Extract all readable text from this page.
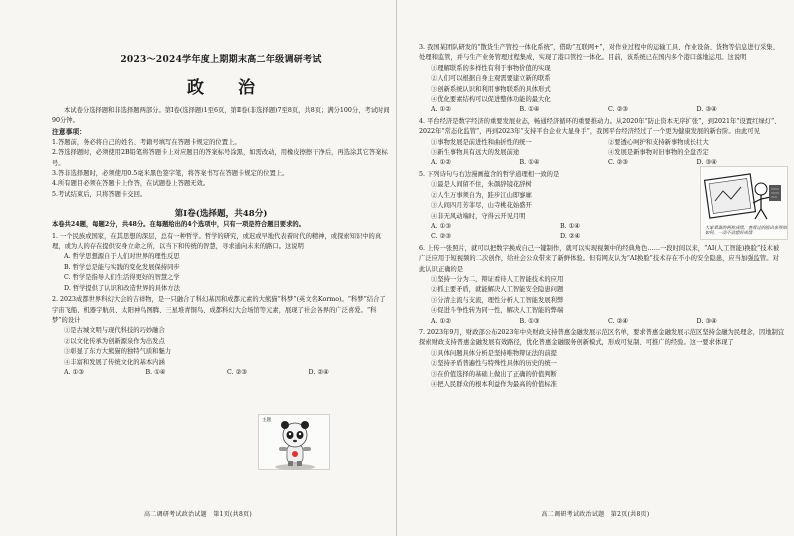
2023～2024学年度上期期末高二年级调研考试
政 治
本试卷分选择题和非选择题两部分。第Ⅰ卷(选择题)1至6页，第Ⅱ卷(非选择题)7至8页，共8页；满分100分，考试时间90分钟。
注意事项：
1.答题前，务必将自己的姓名、考籍号填写在答题卡规定的位置上。
2.答选择题时，必须使用2B铅笔将答题卡上对应题目的答案标号涂黑，如需改动，用橡皮擦擦干净后，再选涂其它答案标号。
3.答非选择题时，必须使用0.5毫米黑色签字笔，将答案书写在答题卡规定的位置上。
4.所有题目必须在答题卡上作答，在试题卷上答题无效。
5.考试结束后，只将答题卡交回。
第Ⅰ卷(选择题，共48分)
本卷共24题，每题2分，共48分。在每题给出的4个选项中，只有一项是符合题目要求的。
1. 一个民族或国家，在其思想的深层，总有一种哲学。哲学的研究，或迟或早地代表着时代的精神，或探索知识中的真理，或为人的存在提供安身立命之所，以当下和传统的智慧，寻求通向未来的路口。这说明
A. 哲学思想源自于人们对世界的理性反思
B. 哲学总是能与实践的变化发展保持同步
C. 哲学是指导人们生活得更好的智慧之学
D. 哲学提供了认识和改造世界的具体方法
2. 2023成都世界科幻大会的吉祥物，是一只融合了科幻基因和成都元素的大熊猫“科梦”(英文名Kormo)。“科梦”结合了宇宙飞船、机器宇航员、太阳神鸟图腾、三星堆青铜鸟、成都科幻大会场馆等元素，展现了社会各界的广泛喜爱。“科梦”的设计
①是古城文明与现代科技的巧妙融合
②以文化传承为创新源泉作为出发点
③彰显了东方大熊猫的独特气质和魅力
④丰富和发展了传统文化的基本内涵
A. ①③	B. ①④	C. ②③	D. ②④
主题
高二调研考试政治试题　第1页(共8页)
3. 我国某团队研发的“散货生产管控一体化系统”，借助“互联网+”，对作业过程中的运输工具、作业设备、货物等信息进行采集、处理和监管，并与生产业务管理过程集成，实现了港口管控一体化。目前，该系统已在国内多个港口落地运用。这说明
①理解联系的多样性有利于事物价值的实现
②人们可以根据自身主观需要建立新的联系
③创新系统认识和利用事物联系的具体形式
④优化要素结构可以促进整体功能的最大化
A. ①②	B. ①④	C. ②③	D. ③④
4. 平台经济是数字经济的重要发展业态，畅通经济循环的重要推动力。从2020年“防止资本无序扩张”，到2021年“设置红绿灯”、2022年“常态化监管”，再到2023年“支持平台企业大显身手”，我国平台经济经过了一个更为健康发展的新台阶。由此可见
①事物发展是前进性和曲折性的统一	②要透心呵护和支持新事物成长壮大
③新生事物具有远大的发展前途	④发展是新事物对旧事物的全盘否定
A. ①②	B. ①④	C. ②③	D. ③④
5. 下列诗句与右边漫画蕴含的哲学道理相一致的是
①最是人间留不住，朱颜辞镜花辞树
②人生万事须自为，跬步江山即寥廓
③人间四月芳菲尽，山寺桃花始盛开
④非无风动端时，守得云开见月明
A. ①③	B. ①④
C. ②③	D. ②④
6. 上传一张照片，就可以把数字换成自己一键制作，就可以实现视频中的经典角色……一段时间以来，“AI(人工智能)换脸”技术被广泛应用于短视频的二次创作，给社会公众带来了新鲜体验。但有网友认为“AI换脸”技术存在不小的安全隐患，应当加强监管。对此认识正确的是
①坚持一分为二，辩证看待人工智能技术的应用
②抓主要矛盾，就能解决人工智能安全隐患问题
③分清主流与支流，理性分析人工智能发展利弊
④促进斗争性转为同一性，解决人工智能的弊端
A. ①②	B. ①③	C. ②④	D. ③④
7. 2023年9月，财政部公布2023年中央财政支持普惠金融发展示范区名单，要求普惠金融发展示范区坚持金融为民理念，因地制宜探索财政支持普惠金融发展有效路径，优化普惠金融服务创新模式，形成可复制、可推广的经验。这一要求体现了
①具体问题具体分析是坚持唯物辩证法的前提
②坚持矛盾普遍性与特殊性具体的历史的统一
③在价值选择的基础上做出了正确的价值判断
④把人民群众的根本利益作为最高的价值标准
大家看谁的两枚成绩，查看过的画出来得知如何，一动不动想好成绩
高二调研考试政治试题　第2页(共8页)
